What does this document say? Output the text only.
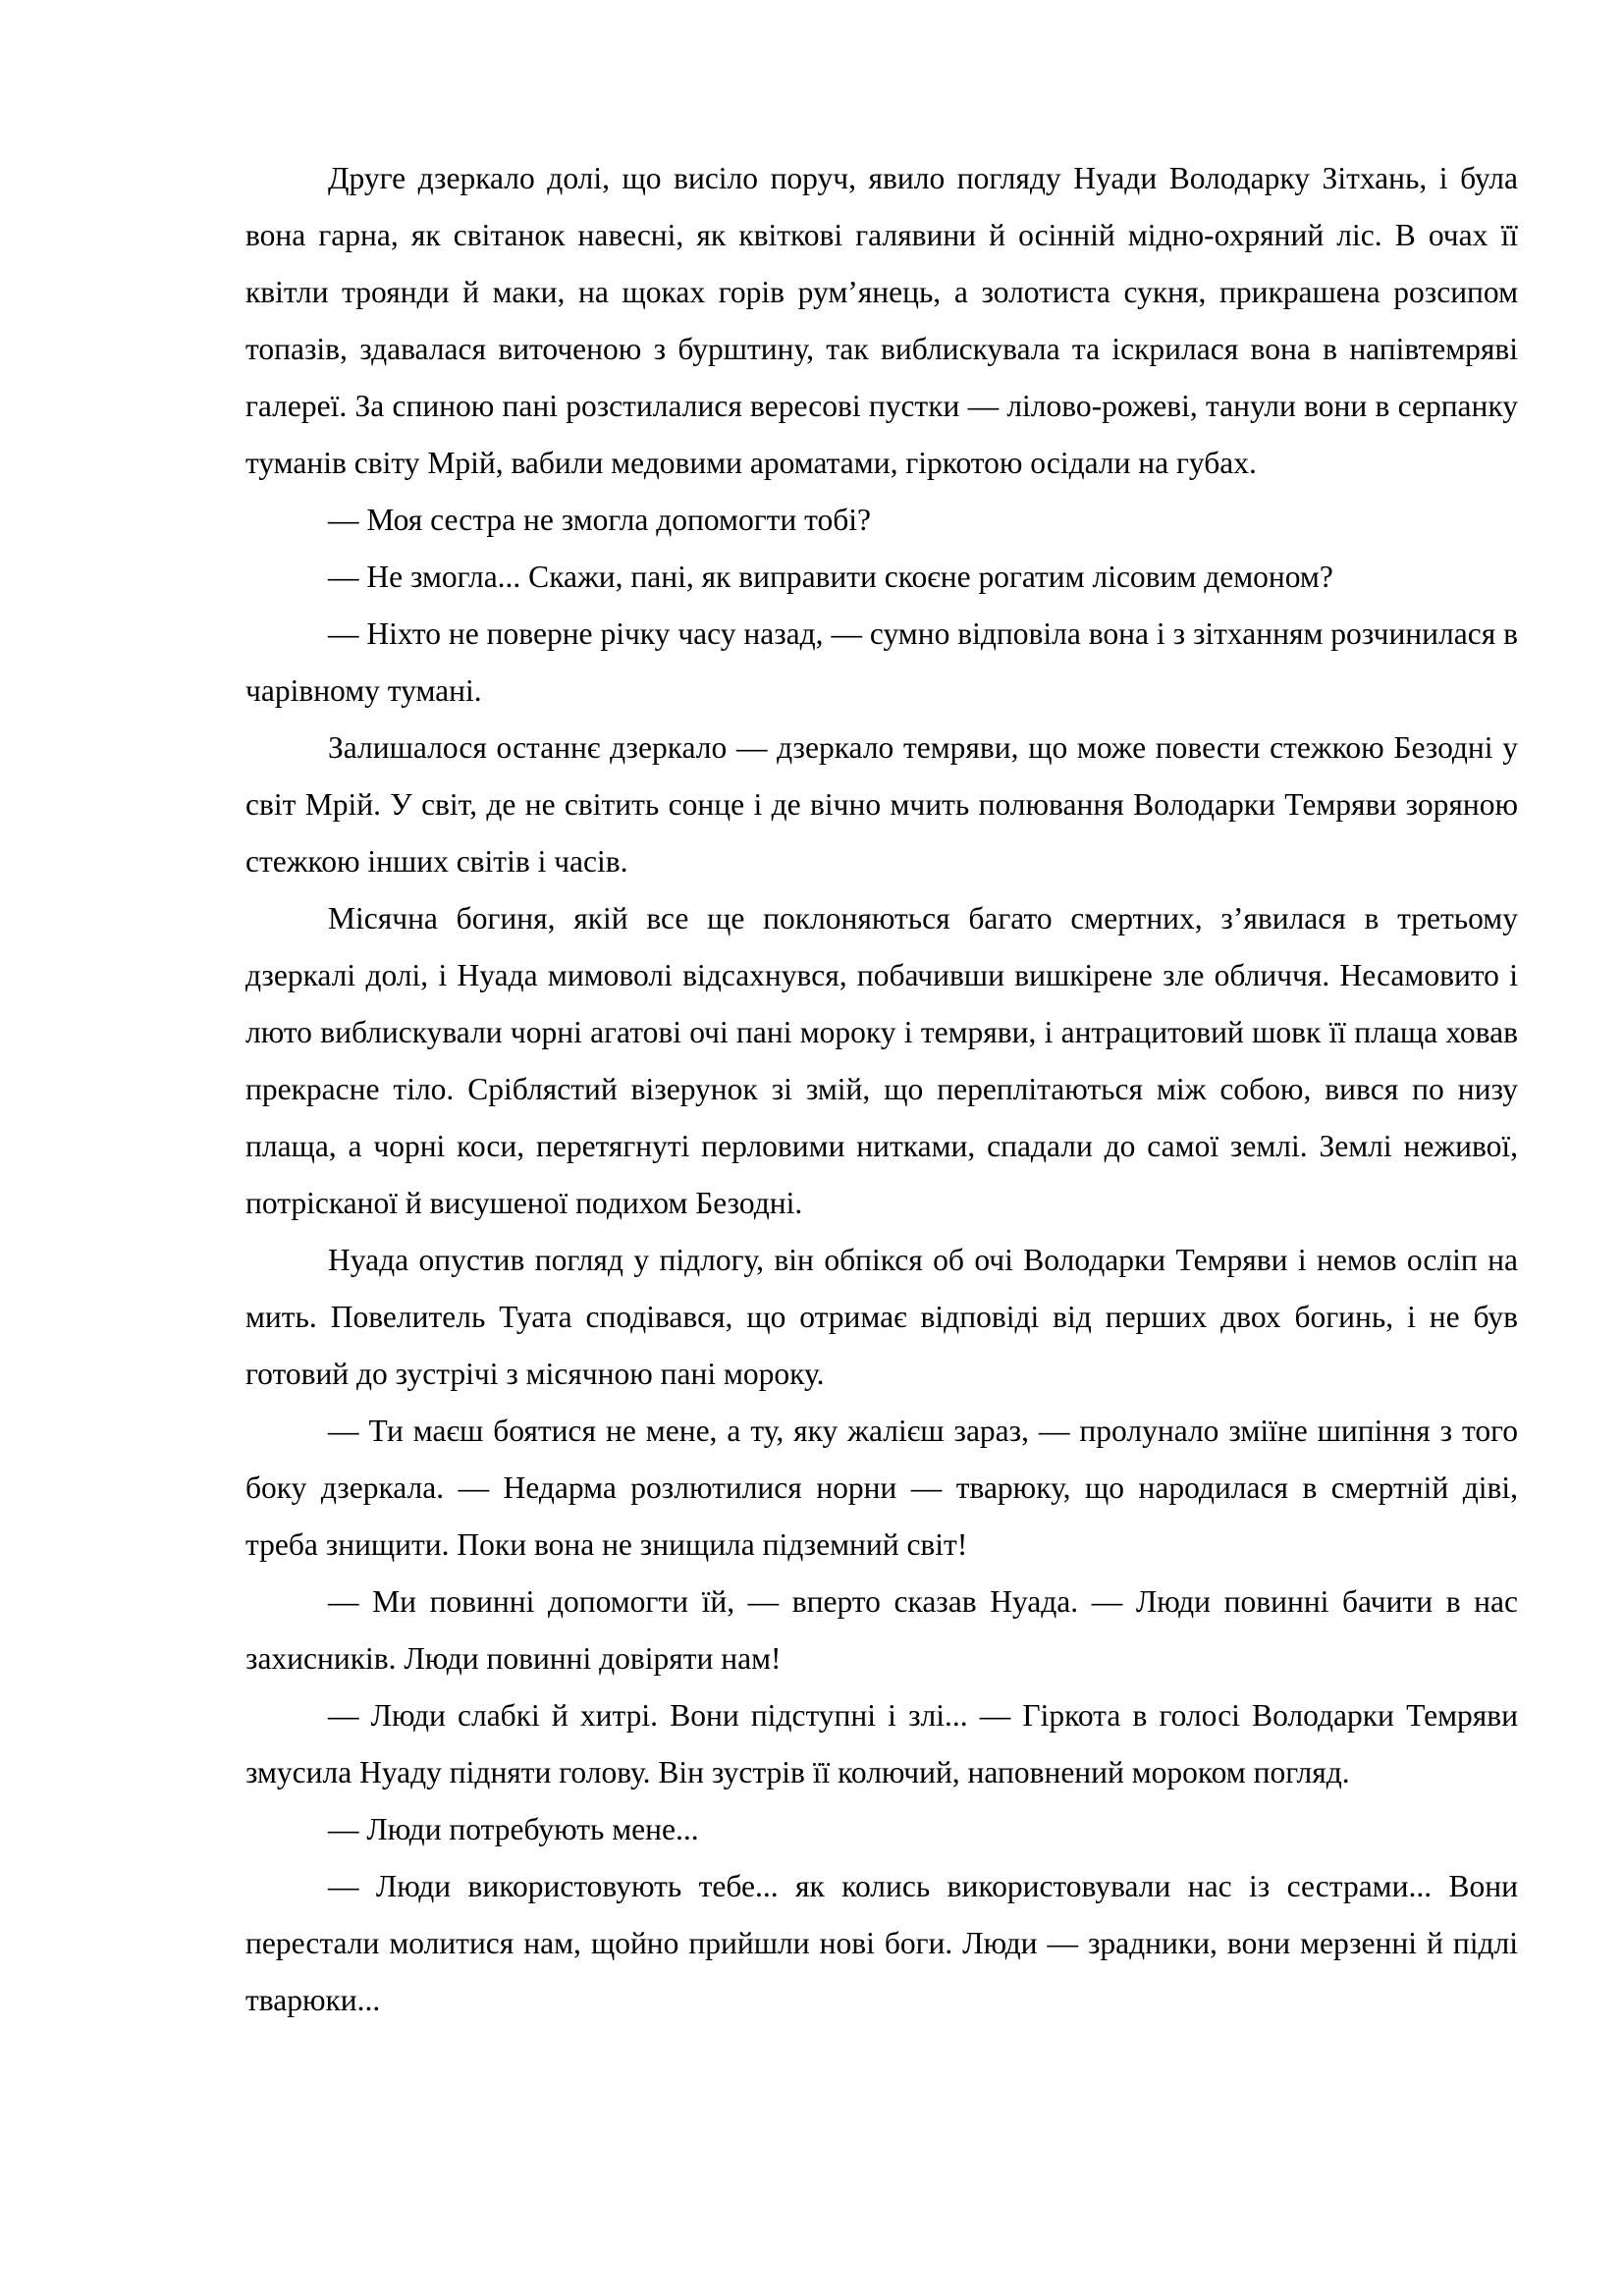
Друге дзеркало долі, що висіло поруч, явило погляду Нуади Володарку Зітхань, і була вона гарна, як світанок навесні, як квіткові галявини й осінній мідно-охряний ліс. В очах її квітли троянди й маки, на щоках горів рум’янець, а золотиста сукня, прикрашена розсипом топазів, здавалася виточеною з бурштину, так виблискувала та іскрилася вона в напівтемряві галереї. За спиною пані розстилалися вересові пустки — лілово-рожеві, танули вони в серпанку туманів світу Мрій, вабили медовими ароматами, гіркотою осідали на губах.

— Моя сестра не змогла допомогти тобі?

— Не змогла... Скажи, пані, як виправити скоєне рогатим лісовим демоном?

— Ніхто не поверне річку часу назад, — сумно відповіла вона і з зітханням розчинилася в чарівному тумані.

Залишалося останнє дзеркало — дзеркало темряви, що може повести стежкою Безодні у світ Мрій. У світ, де не світить сонце і де вічно мчить полювання Володарки Темряви зоряною стежкою інших світів і часів.

Місячна богиня, якій все ще поклоняються багато смертних, з’явилася в третьому дзеркалі долі, і Нуада мимоволі відсахнувся, побачивши вишкірене зле обличчя. Несамовито і люто виблискували чорні агатові очі пані мороку і темряви, і антрацитовий шовк її плаща ховав прекрасне тіло. Сріблястий візерунок зі змій, що переплітаються між собою, вився по низу плаща, а чорні коси, перетягнуті перловими нитками, спадали до самої землі. Землі неживої, потрісканої й висушеної подихом Безодні.

Нуада опустив погляд у підлогу, він обпікся об очі Володарки Темряви і немов осліп на мить. Повелитель Туата сподівався, що отримає відповіді від перших двох богинь, і не був готовий до зустрічі з місячною пані мороку.

— Ти маєш боятися не мене, а ту, яку жалієш зараз, — пролунало зміїне шипіння з того боку дзеркала. — Недарма розлютилися норни — тварюку, що народилася в смертній діві, треба знищити. Поки вона не знищила підземний світ!

— Ми повинні допомогти їй, — вперто сказав Нуада. — Люди повинні бачити в нас захисників. Люди повинні довіряти нам!

— Люди слабкі й хитрі. Вони підступні і злі... — Гіркота в голосі Володарки Темряви змусила Нуаду підняти голову. Він зустрів її колючий, наповнений мороком погляд.

— Люди потребують мене...

— Люди використовують тебе... як колись використовували нас із сестрами... Вони перестали молитися нам, щойно прийшли нові боги. Люди — зрадники, вони мерзенні й підлі тварюки...
